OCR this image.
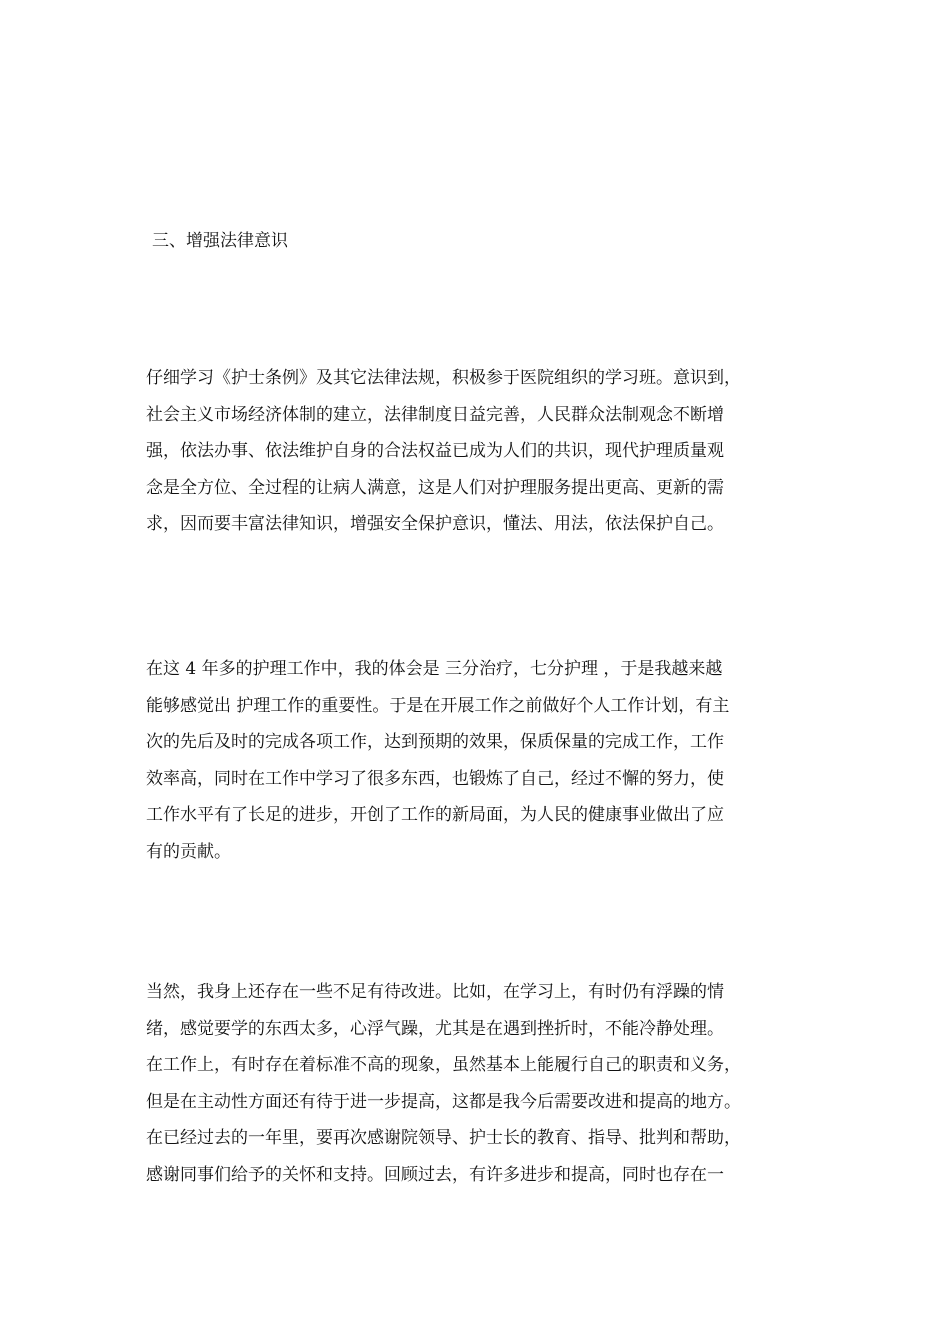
三、增强法律意识
仔细学习《护士条例》及其它法律法规，积极参于医院组织的学习班。意识到，
社会主义市场经济体制的建立，法律制度日益完善，人民群众法制观念不断增
强，依法办事、依法维护自身的合法权益已成为人们的共识，现代护理质量观
念是全方位、全过程的让病人满意，这是人们对护理服务提出更高、更新的需
求，因而要丰富法律知识，增强安全保护意识，懂法、用法，依法保护自己。
在这 4 年多的护理工作中，我的体会是 三分治疗，七分护理 ，于是我越来越
能够感觉出 护理工作的重要性。于是在开展工作之前做好个人工作计划，有主
次的先后及时的完成各项工作，达到预期的效果，保质保量的完成工作，工作
效率高，同时在工作中学习了很多东西，也锻炼了自己，经过不懈的努力，使
工作水平有了长足的进步，开创了工作的新局面，为人民的健康事业做出了应
有的贡献。
当然，我身上还存在一些不足有待改进。比如，在学习上，有时仍有浮躁的情
绪，感觉要学的东西太多，心浮气躁，尤其是在遇到挫折时，不能冷静处理。
在工作上，有时存在着标准不高的现象，虽然基本上能履行自己的职责和义务，
但是在主动性方面还有待于进一步提高，这都是我今后需要改进和提高的地方。
在已经过去的一年里，要再次感谢院领导、护士长的教育、指导、批判和帮助，
感谢同事们给予的关怀和支持。回顾过去，有许多进步和提高，同时也存在一
